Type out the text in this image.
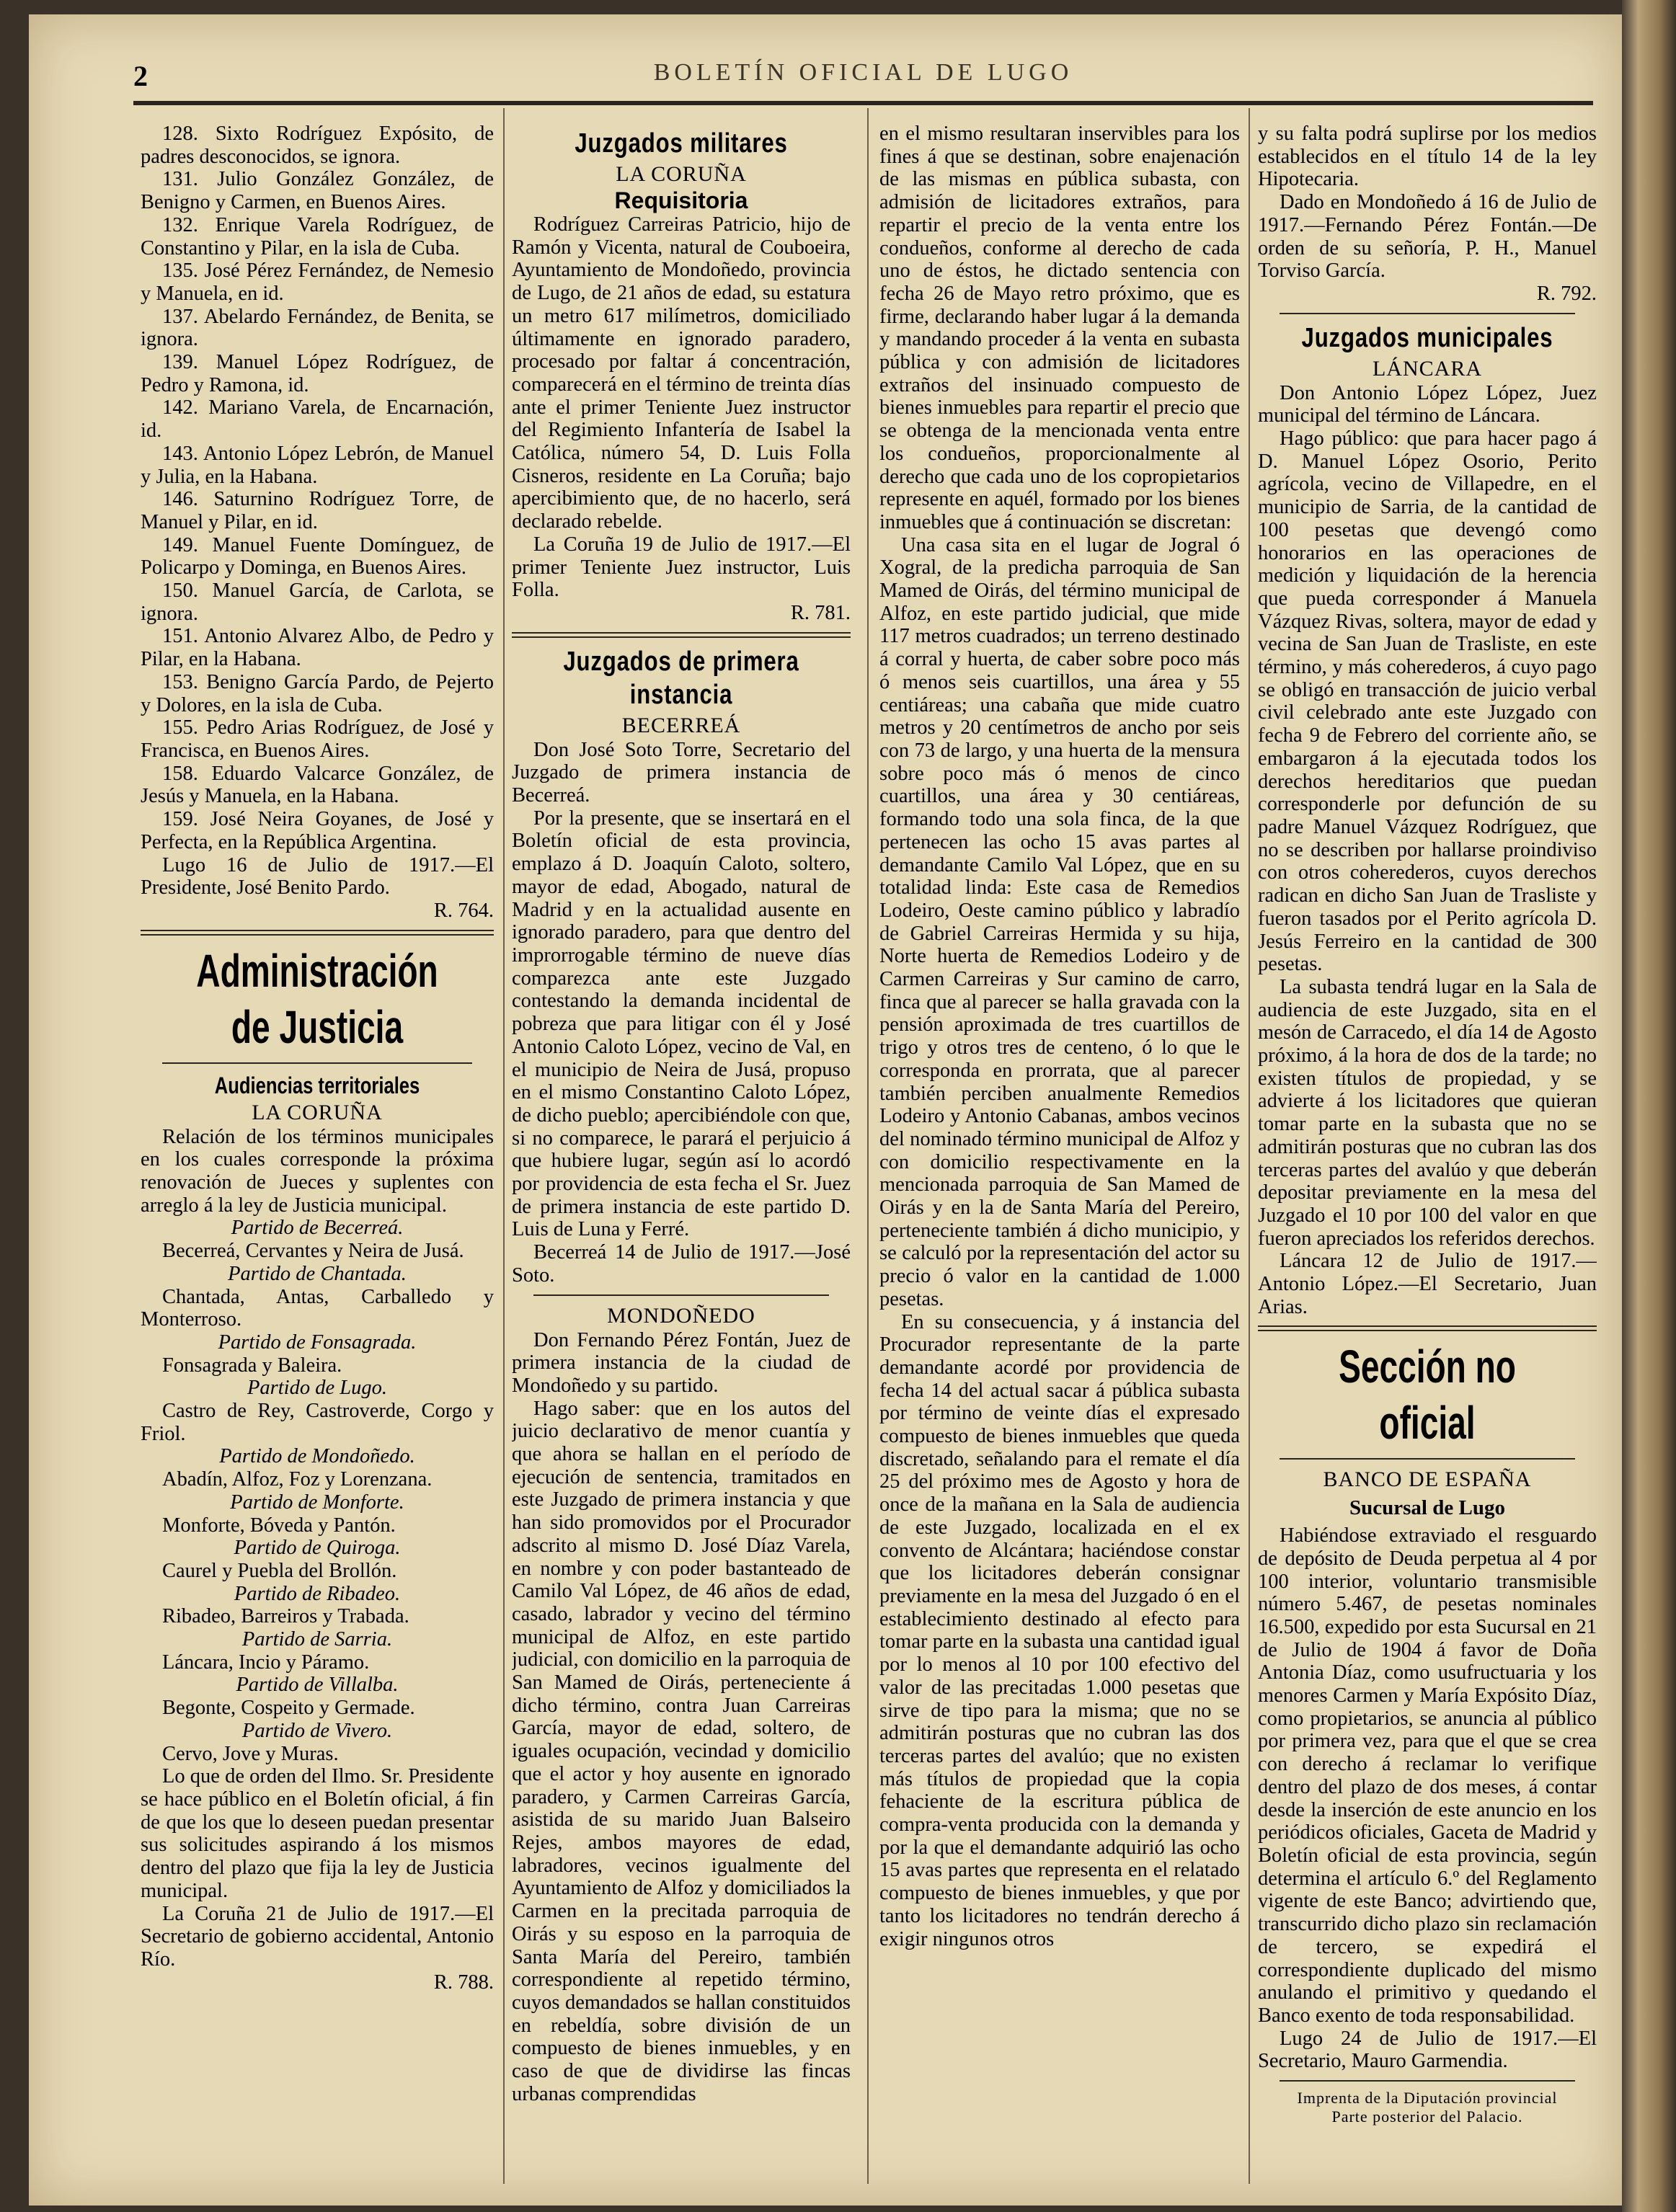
2	BOLETÍN OFICIAL DE LUGO

128. Sixto Rodríguez Expósito, de padres desconocidos, se ignora.

131. Julio González González, de Benigno y Carmen, en Buenos Aires.

132. Enrique Varela Rodríguez, de Constantino y Pilar, en la isla de Cuba.

135. José Pérez Fernández, de Nemesio y Manuela, en id.

137. Abelardo Fernández, de Benita, se ignora.

139. Manuel López Rodríguez, de Pedro y Ramona, id.

142. Mariano Varela, de Encarnación, id.

143. Antonio López Lebrón, de Manuel y Julia, en la Habana.

146. Saturnino Rodríguez Torre, de Manuel y Pilar, en id.

149. Manuel Fuente Domínguez, de Policarpo y Dominga, en Buenos Aires.

150. Manuel García, de Carlota, se ignora.

151. Antonio Alvarez Albo, de Pedro y Pilar, en la Habana.

153. Benigno García Pardo, de Pejerto y Dolores, en la isla de Cuba.

155. Pedro Arias Rodríguez, de José y Francisca, en Buenos Aires.

158. Eduardo Valcarce González, de Jesús y Manuela, en la Habana.

159. José Neira Goyanes, de José y Perfecta, en la República Argentina.

Lugo 16 de Julio de 1917.—El Presidente, José Benito Pardo.

R. 764.

Administración de Justicia
Audiencias territoriales
LA CORUÑA

Relación de los términos municipales en los cuales corresponde la próxima renovación de Jueces y suplentes con arreglo á la ley de Justicia municipal.

Partido de Becerreá.

Becerreá, Cervantes y Neira de Jusá.

Partido de Chantada.

Chantada, Antas, Carballedo y Monterroso.

Partido de Fonsagrada.

Fonsagrada y Baleira.

Partido de Lugo.

Castro de Rey, Castroverde, Corgo y Friol.

Partido de Mondoñedo.

Abadín, Alfoz, Foz y Lorenzana.

Partido de Monforte.

Monforte, Bóveda y Pantón.

Partido de Quiroga.

Caurel y Puebla del Brollón.

Partido de Ribadeo.

Ribadeo, Barreiros y Trabada.

Partido de Sarria.

Láncara, Incio y Páramo.

Partido de Villalba.

Begonte, Cospeito y Germade.

Partido de Vivero.

Cervo, Jove y Muras.

Lo que de orden del Ilmo. Sr. Presidente se hace público en el Boletín oficial, á fin de que los que lo deseen puedan presentar sus solicitudes aspirando á los mismos dentro del plazo que fija la ley de Justicia municipal.

La Coruña 21 de Julio de 1917.—El Secretario de gobierno accidental, Antonio Río.

R. 788.

Juzgados militares
LA CORUÑA
Requisitoria

Rodríguez Carreiras Patricio, hijo de Ramón y Vicenta, natural de Couboeira, Ayuntamiento de Mondoñedo, provincia de Lugo, de 21 años de edad, su estatura un metro 617 milímetros, domiciliado últimamente en ignorado paradero, procesado por faltar á concentración, comparecerá en el término de treinta días ante el primer Teniente Juez instructor del Regimiento Infantería de Isabel la Católica, número 54, D. Luis Folla Cisneros, residente en La Coruña; bajo apercibimiento que, de no hacerlo, será declarado rebelde.

La Coruña 19 de Julio de 1917.—El primer Teniente Juez instructor, Luis Folla.

R. 781.

Juzgados de primera instancia
BECERREÁ

Don José Soto Torre, Secretario del Juzgado de primera instancia de Becerreá.

Por la presente, que se insertará en el Boletín oficial de esta provincia, emplazo á D. Joaquín Caloto, soltero, mayor de edad, Abogado, natural de Madrid y en la actualidad ausente en ignorado paradero, para que dentro del improrrogable término de nueve días comparezca ante este Juzgado contestando la demanda incidental de pobreza que para litigar con él y José Antonio Caloto López, vecino de Val, en el municipio de Neira de Jusá, propuso en el mismo Constantino Caloto López, de dicho pueblo; apercibiéndole con que, si no comparece, le parará el perjuicio á que hubiere lugar, según así lo acordó por providencia de esta fecha el Sr. Juez de primera instancia de este partido D. Luis de Luna y Ferré.

Becerreá 14 de Julio de 1917.—José Soto.

MONDOÑEDO

Don Fernando Pérez Fontán, Juez de primera instancia de la ciudad de Mondoñedo y su partido.

Hago saber: que en los autos del juicio declarativo de menor cuantía y que ahora se hallan en el período de ejecución de sentencia, tramitados en este Juzgado de primera instancia y que han sido promovidos por el Procurador adscrito al mismo D. José Díaz Varela, en nombre y con poder bastanteado de Camilo Val López, de 46 años de edad, casado, labrador y vecino del término municipal de Alfoz, en este partido judicial, con domicilio en la parroquia de San Mamed de Oirás, perteneciente á dicho término, contra Juan Carreiras García, mayor de edad, soltero, de iguales ocupación, vecindad y domicilio que el actor y hoy ausente en ignorado paradero, y Carmen Carreiras García, asistida de su marido Juan Balseiro Rejes, ambos mayores de edad, labradores, vecinos igualmente del Ayuntamiento de Alfoz y domiciliados la Carmen en la precitada parroquia de Oirás y su esposo en la parroquia de Santa María del Pereiro, también correspondiente al repetido término, cuyos demandados se hallan constituidos en rebeldía, sobre división de un compuesto de bienes inmuebles, y en caso de que de dividirse las fincas urbanas comprendidas

en el mismo resultaran inservibles para los fines á que se destinan, sobre enajenación de las mismas en pública subasta, con admisión de licitadores extraños, para repartir el precio de la venta entre los condueños, conforme al derecho de cada uno de éstos, he dictado sentencia con fecha 26 de Mayo retro próximo, que es firme, declarando haber lugar á la demanda y mandando proceder á la venta en subasta pública y con admisión de licitadores extraños del insinuado compuesto de bienes inmuebles para repartir el precio que se obtenga de la mencionada venta entre los condueños, proporcionalmente al derecho que cada uno de los copropietarios represente en aquél, formado por los bienes inmuebles que á continuación se discretan:

Una casa sita en el lugar de Jogral ó Xogral, de la predicha parroquia de San Mamed de Oirás, del término municipal de Alfoz, en este partido judicial, que mide 117 metros cuadrados; un terreno destinado á corral y huerta, de caber sobre poco más ó menos seis cuartillos, una área y 55 centiáreas; una cabaña que mide cuatro metros y 20 centímetros de ancho por seis con 73 de largo, y una huerta de la mensura sobre poco más ó menos de cinco cuartillos, una área y 30 centiáreas, formando todo una sola finca, de la que pertenecen las ocho 15 avas partes al demandante Camilo Val López, que en su totalidad linda: Este casa de Remedios Lodeiro, Oeste camino público y labradío de Gabriel Carreiras Hermida y su hija, Norte huerta de Remedios Lodeiro y de Carmen Carreiras y Sur camino de carro, finca que al parecer se halla gravada con la pensión aproximada de tres cuartillos de trigo y otros tres de centeno, ó lo que le corresponda en prorrata, que al parecer también perciben anualmente Remedios Lodeiro y Antonio Cabanas, ambos vecinos del nominado término municipal de Alfoz y con domicilio respectivamente en la mencionada parroquia de San Mamed de Oirás y en la de Santa María del Pereiro, perteneciente también á dicho municipio, y se calculó por la representación del actor su precio ó valor en la cantidad de 1.000 pesetas.

En su consecuencia, y á instancia del Procurador representante de la parte demandante acordé por providencia de fecha 14 del actual sacar á pública subasta por término de veinte días el expresado compuesto de bienes inmuebles que queda discretado, señalando para el remate el día 25 del próximo mes de Agosto y hora de once de la mañana en la Sala de audiencia de este Juzgado, localizada en el ex convento de Alcántara; haciéndose constar que los licitadores deberán consignar previamente en la mesa del Juzgado ó en el establecimiento destinado al efecto para tomar parte en la subasta una cantidad igual por lo menos al 10 por 100 efectivo del valor de las precitadas 1.000 pesetas que sirve de tipo para la misma; que no se admitirán posturas que no cubran las dos terceras partes del avalúo; que no existen más títulos de propiedad que la copia fehaciente de la escritura pública de compra-venta producida con la demanda y por la que el demandante adquirió las ocho 15 avas partes que representa en el relatado compuesto de bienes inmuebles, y que por tanto los licitadores no tendrán derecho á exigir ningunos otros

y su falta podrá suplirse por los medios establecidos en el título 14 de la ley Hipotecaria.

Dado en Mondoñedo á 16 de Julio de 1917.—Fernando Pérez Fontán.—De orden de su señoría, P. H., Manuel Torviso García.

R. 792.

Juzgados municipales
LÁNCARA

Don Antonio López López, Juez municipal del término de Láncara.

Hago público: que para hacer pago á D. Manuel López Osorio, Perito agrícola, vecino de Villapedre, en el municipio de Sarria, de la cantidad de 100 pesetas que devengó como honorarios en las operaciones de medición y liquidación de la herencia que pueda corresponder á Manuela Vázquez Rivas, soltera, mayor de edad y vecina de San Juan de Trasliste, en este término, y más coherederos, á cuyo pago se obligó en transacción de juicio verbal civil celebrado ante este Juzgado con fecha 9 de Febrero del corriente año, se embargaron á la ejecutada todos los derechos hereditarios que puedan corresponderle por defunción de su padre Manuel Vázquez Rodríguez, que no se describen por hallarse proindiviso con otros coherederos, cuyos derechos radican en dicho San Juan de Trasliste y fueron tasados por el Perito agrícola D. Jesús Ferreiro en la cantidad de 300 pesetas.

La subasta tendrá lugar en la Sala de audiencia de este Juzgado, sita en el mesón de Carracedo, el día 14 de Agosto próximo, á la hora de dos de la tarde; no existen títulos de propiedad, y se advierte á los licitadores que quieran tomar parte en la subasta que no se admitirán posturas que no cubran las dos terceras partes del avalúo y que deberán depositar previamente en la mesa del Juzgado el 10 por 100 del valor en que fueron apreciados los referidos derechos.

Láncara 12 de Julio de 1917.—Antonio López.—El Secretario, Juan Arias.

Sección no oficial
BANCO DE ESPAÑA
Sucursal de Lugo

Habiéndose extraviado el resguardo de depósito de Deuda perpetua al 4 por 100 interior, voluntario transmisible número 5.467, de pesetas nominales 16.500, expedido por esta Sucursal en 21 de Julio de 1904 á favor de Doña Antonia Díaz, como usufructuaria y los menores Carmen y María Expósito Díaz, como propietarios, se anuncia al público por primera vez, para que el que se crea con derecho á reclamar lo verifique dentro del plazo de dos meses, á contar desde la inserción de este anuncio en los periódicos oficiales, Gaceta de Madrid y Boletín oficial de esta provincia, según determina el artículo 6.º del Reglamento vigente de este Banco; advirtiendo que, transcurrido dicho plazo sin reclamación de tercero, se expedirá el correspondiente duplicado del mismo anulando el primitivo y quedando el Banco exento de toda responsabilidad.

Lugo 24 de Julio de 1917.—El Secretario, Mauro Garmendia.

Imprenta de la Diputación provincial
Parte posterior del Palacio.
